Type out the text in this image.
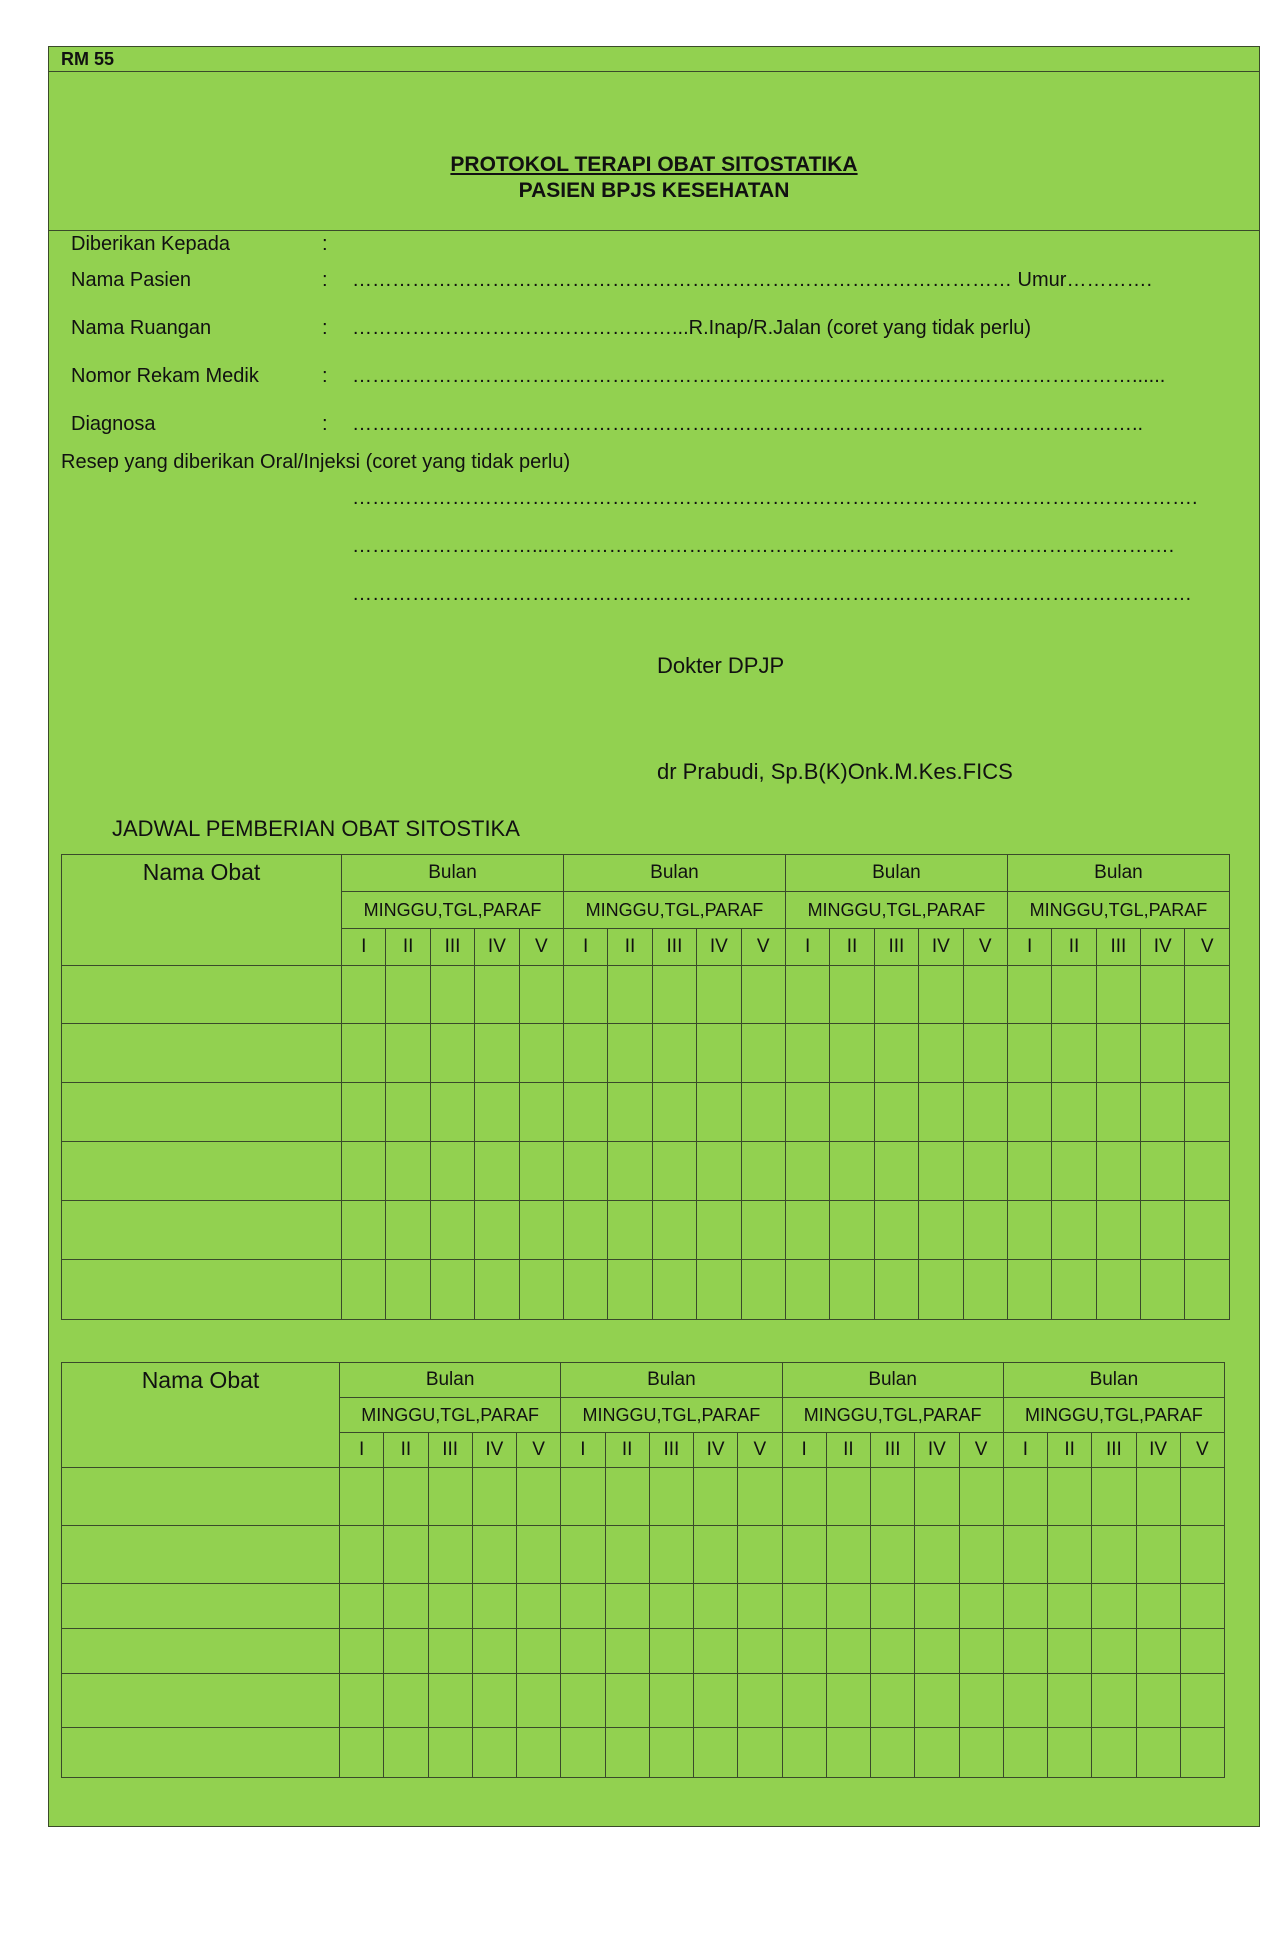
RM 55
PROTOKOL TERAPI OBAT SITOSTATIKA
PASIEN BPJS KESEHATAN
Diberikan Kepada	:
Nama Pasien	: ……………………………………………………………………………………… Umur………….
Nama Ruangan	: …………………………………………...R.Inap/R.Jalan (coret yang tidak perlu)
Nomor Rekam Medik	: ………………………………………………………………………………………………………......
Diagnosa	: ………………………………………………………………………………………………………..
Resep yang diberikan Oral/Injeksi (coret yang tidak perlu)
……………………………………………………………………………………………………………….
………………………...………………………………………………………………………………….
………………………………………………………………………………………………………………
Dokter DPJP
dr Prabudi, Sp.B(K)Onk.M.Kes.FICS
JADWAL PEMBERIAN OBAT SITOSTIKA
Nama Obat	Bulan					Bulan					Bulan					Bulan				
	MINGGU,TGL,PARAF					MINGGU,TGL,PARAF					MINGGU,TGL,PARAF					MINGGU,TGL,PARAF				
	I	II	III	IV	V	I	II	III	IV	V	I	II	III	IV	V	I	II	III	IV	V

Nama Obat	Bulan					Bulan					Bulan					Bulan				
	MINGGU,TGL,PARAF					MINGGU,TGL,PARAF					MINGGU,TGL,PARAF					MINGGU,TGL,PARAF				
	I	II	III	IV	V	I	II	III	IV	V	I	II	III	IV	V	I	II	III	IV	V
